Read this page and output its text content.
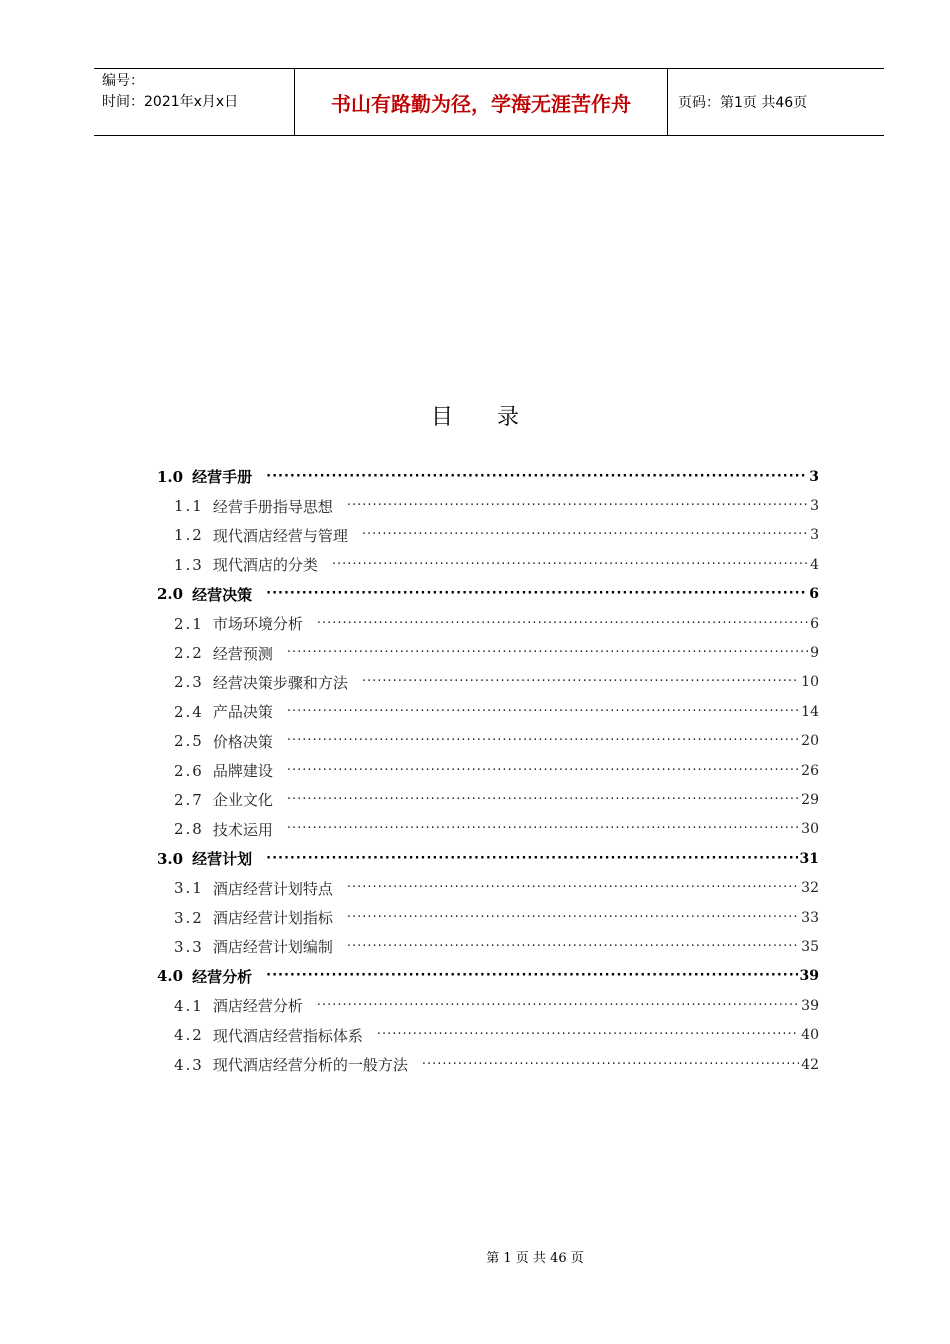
编号：
时间：2021年x月x日	书山有路勤为径，学海无涯苦作舟	页码：第1页 共46页
目录
1.0 经营手册 ·····	3
1.1 经营手册指导思想 ·····	3
1.2 现代酒店经营与管理 ·····	3
1.3 现代酒店的分类 ·····	4
2.0 经营决策 ·····	6
2.1 市场环境分析 ·····	6
2.2 经营预测 ·····	9
2.3 经营决策步骤和方法 ·····	10
2.4 产品决策 ·····	14
2.5 价格决策 ·····	20
2.6 品牌建设 ·····	26
2.7 企业文化 ·····	29
2.8 技术运用 ·····	30
3.0 经营计划 ·····	31
3.1 酒店经营计划特点 ·····	32
3.2 酒店经营计划指标 ·····	33
3.3 酒店经营计划编制 ·····	35
4.0 经营分析 ·····	39
4.1 酒店经营分析 ·····	39
4.2 现代酒店经营指标体系 ·····	40
4.3 现代酒店经营分析的一般方法 ·····	42
第 1 页 共 46 页
